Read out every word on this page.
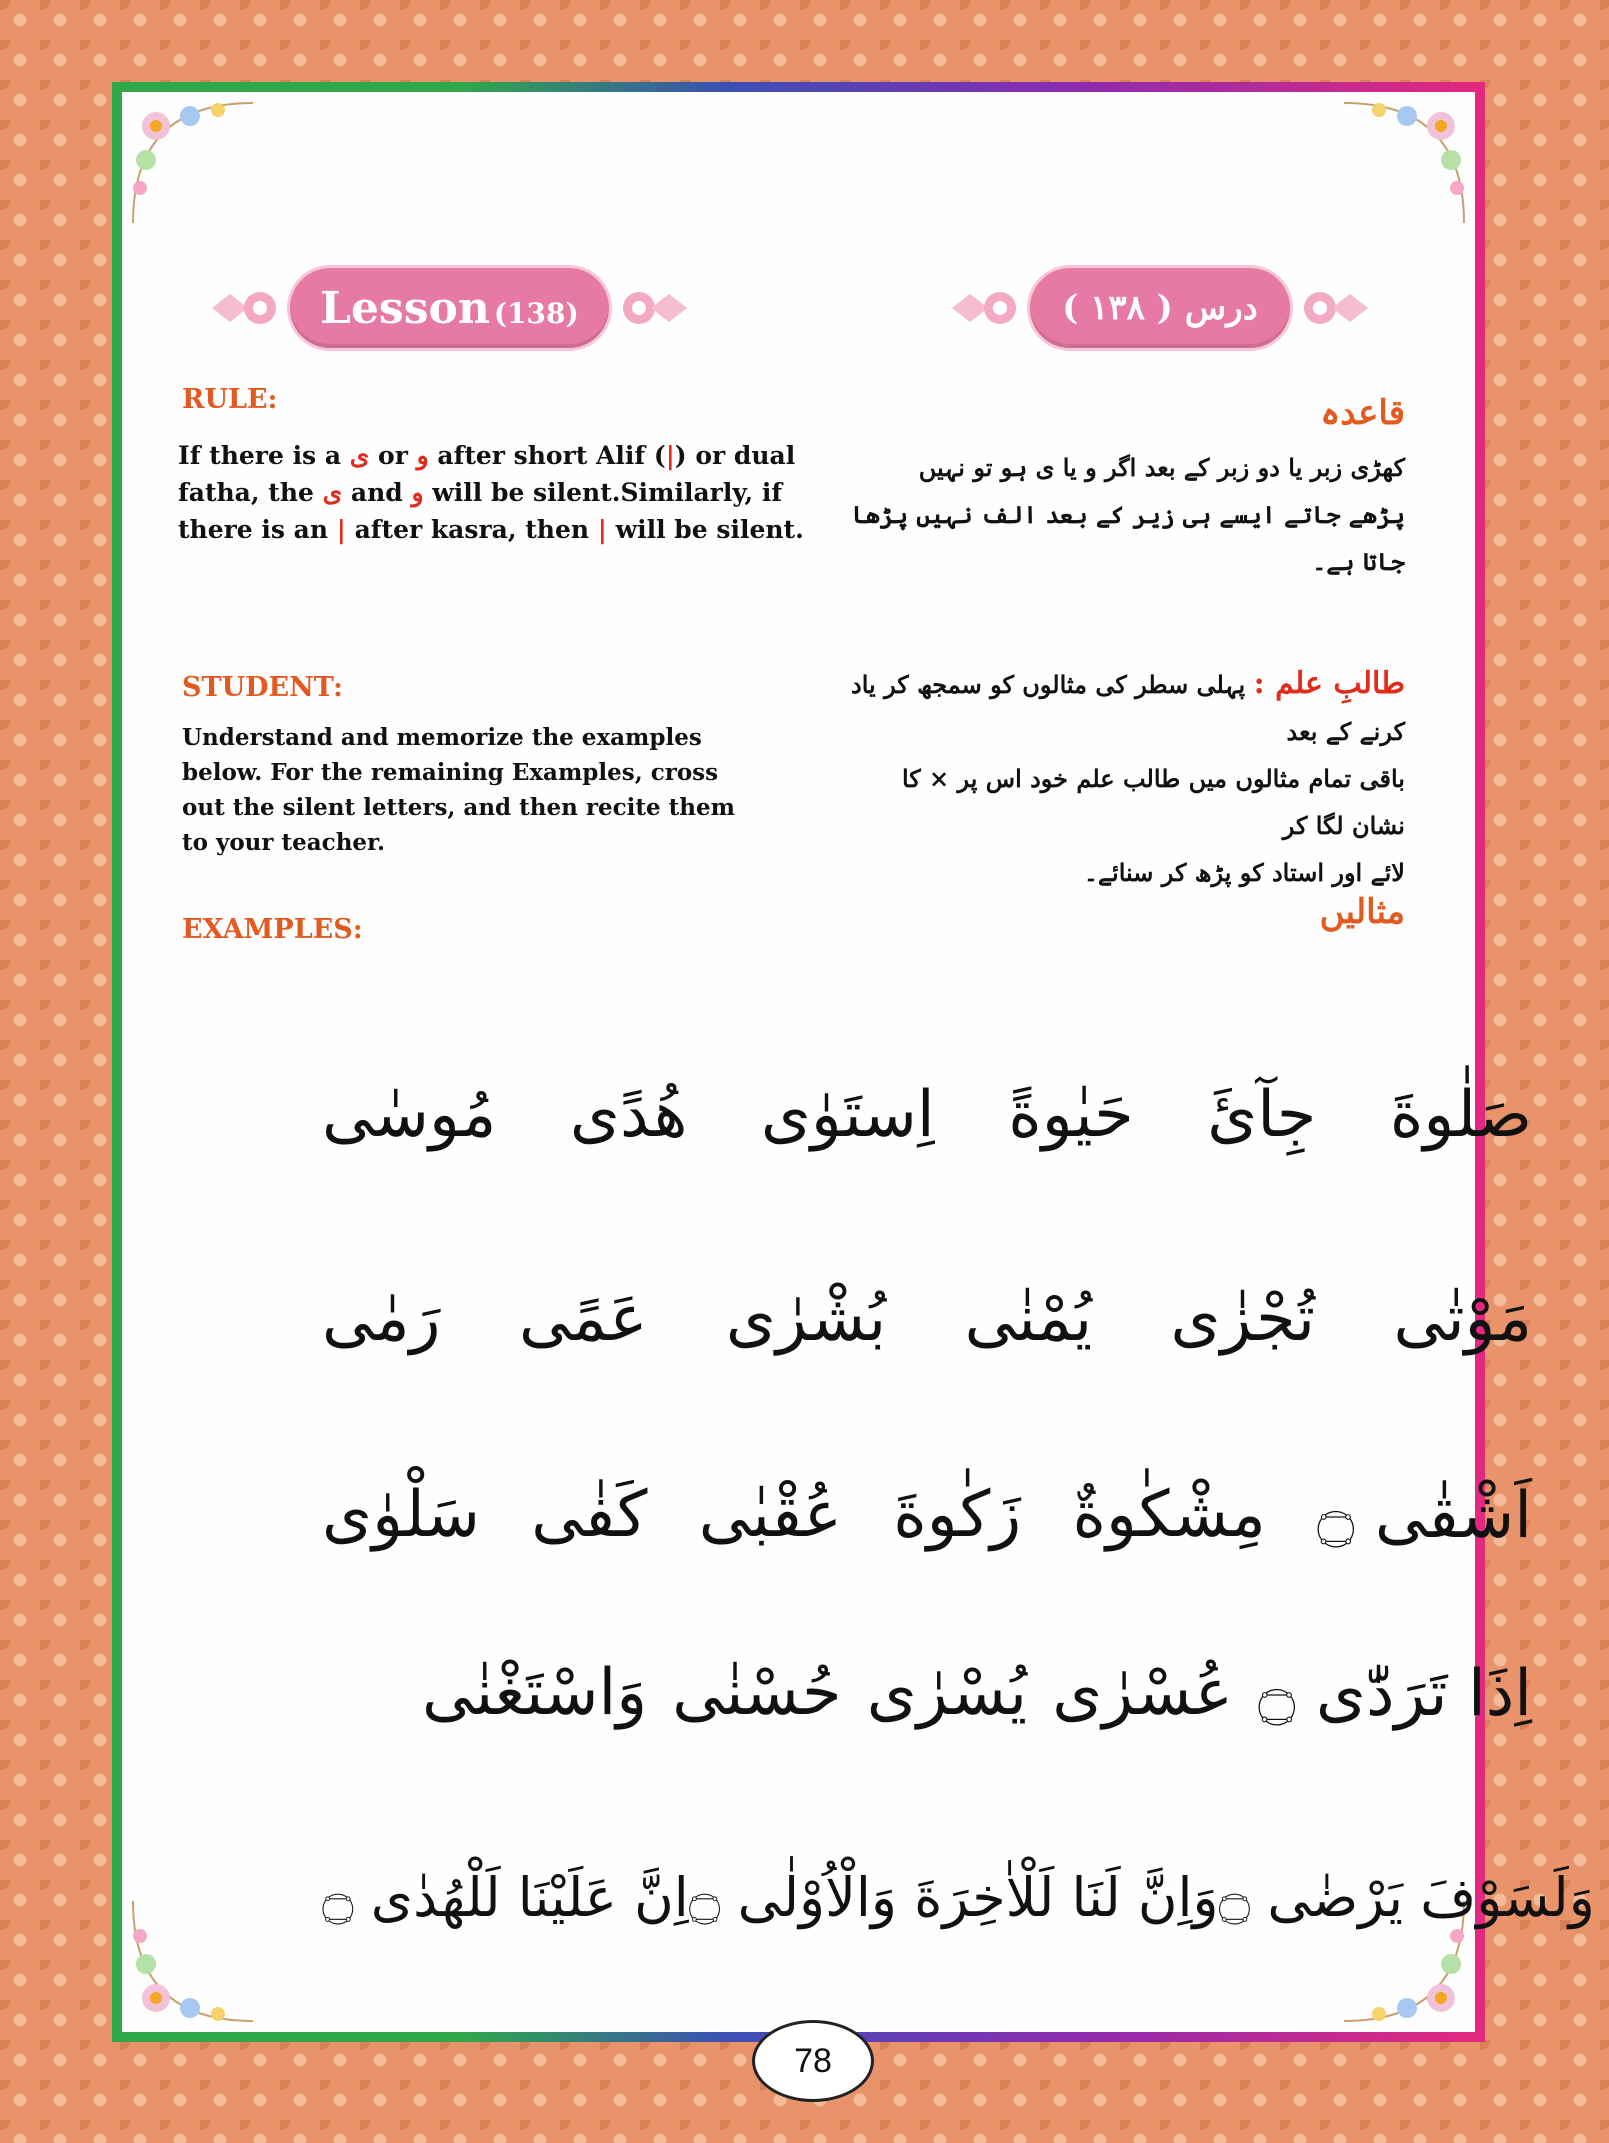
Lesson (138)	درس ( ۱۳۸ )
RULE:
If there is a ی or و after short Alif (|) or dual
fatha, the ی and و will be silent.Similarly, if
there is an | after kasra, then | will be silent.
STUDENT:
Understand and memorize the examples
below. For the remaining Examples, cross
out the silent letters, and then recite them
to your teacher.
EXAMPLES:
قاعدہ
کھڑی زبر یا دو زبر کے بعد اگر و یا ی ہو تو نہیں
پڑھے جاتے ایسے ہی زیر کے بعد الف نہیں پڑھا جاتا ہے۔
طالبِ علم : پہلی سطر کی مثالوں کو سمجھ کر یاد کرنے کے بعد
باقی تمام مثالوں میں طالب علم خود اس پر × کا نشان لگا کر
لائے اور استاد کو پڑھ کر سنائے۔
مثالیں
مُوسٰی هُدًی اِستَوٰی حَیٰوةً جِآئَ صَلٰوةَ
رَمٰی عَمًی بُشْرٰی یُمْنٰی تُجْزٰی مَوْتٰی
سَلْوٰی کَفٰی عُقْبٰی زَکٰوةَ مِشْکٰوةٌ اَشْقٰی ۝
وَاسْتَغْنٰی حُسْنٰی یُسْرٰی عُسْرٰی اِذَا تَرَدّٰی ۝
اِنَّ عَلَیْنَا لَلْهُدٰی ۝ وَاِنَّ لَنَا لَلْاٰخِرَةَ وَالْاُوْلٰی ۝ وَلَسَوْفَ یَرْضٰی ۝
78
